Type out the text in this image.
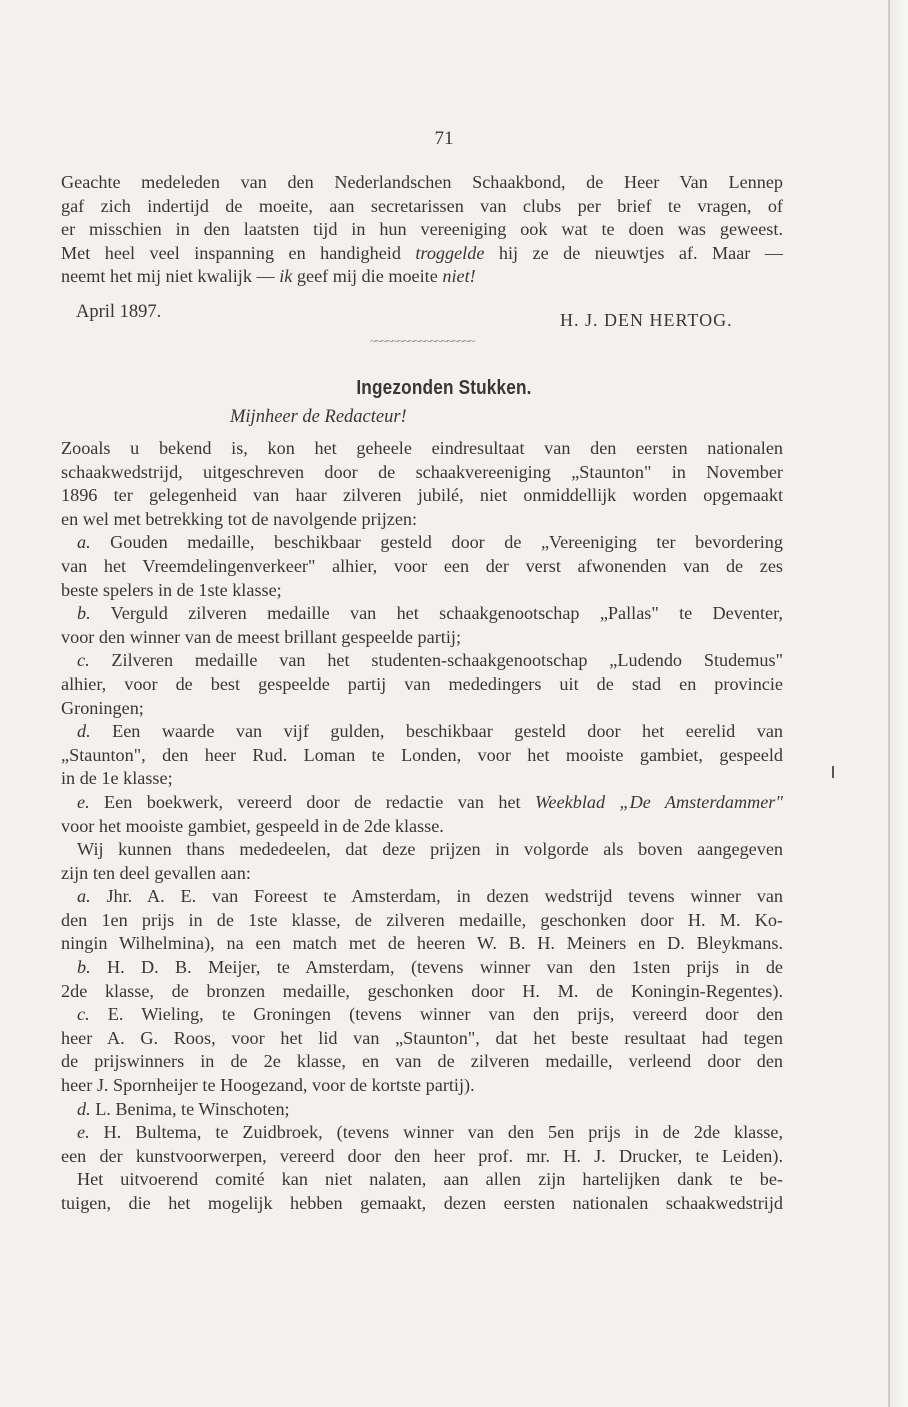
71
Geachte medeleden van den Nederlandschen Schaakbond, de Heer Van Lennep
gaf zich indertijd de moeite, aan secretarissen van clubs per brief te vragen, of
er misschien in den laatsten tijd in hun vereeniging ook wat te doen was geweest.
Met heel veel inspanning en handigheid troggelde hij ze de nieuwtjes af. Maar —
neemt het mij niet kwalijk — ik geef mij die moeite niet!
April 1897.	H. J. DEN HERTOG.
~~~~~~~~~~~~~~~~~~~
Ingezonden Stukken.
Mijnheer de Redacteur!
Zooals u bekend is, kon het geheele eindresultaat van den eersten nationalen
schaakwedstrijd, uitgeschreven door de schaakvereeniging „Staunton" in November
1896 ter gelegenheid van haar zilveren jubilé, niet onmiddellijk worden opgemaakt
en wel met betrekking tot de navolgende prijzen:
a. Gouden medaille, beschikbaar gesteld door de „Vereeniging ter bevordering
van het Vreemdelingenverkeer" alhier, voor een der verst afwonenden van de zes
beste spelers in de 1ste klasse;
b. Verguld zilveren medaille van het schaakgenootschap „Pallas" te Deventer,
voor den winner van de meest brillant gespeelde partij;
c. Zilveren medaille van het studenten-schaakgenootschap „Ludendo Studemus"
alhier, voor de best gespeelde partij van mededingers uit de stad en provincie
Groningen;
d. Een waarde van vijf gulden, beschikbaar gesteld door het eerelid van
„Staunton", den heer Rud. Loman te Londen, voor het mooiste gambiet, gespeeld
in de 1e klasse;
e. Een boekwerk, vereerd door de redactie van het Weekblad „De Amsterdammer"
voor het mooiste gambiet, gespeeld in de 2de klasse.
Wij kunnen thans mededeelen, dat deze prijzen in volgorde als boven aangegeven
zijn ten deel gevallen aan:
a. Jhr. A. E. van Foreest te Amsterdam, in dezen wedstrijd tevens winner van
den 1en prijs in de 1ste klasse, de zilveren medaille, geschonken door H. M. Ko-
ningin Wilhelmina), na een match met de heeren W. B. H. Meiners en D. Bleykmans.
b. H. D. B. Meijer, te Amsterdam, (tevens winner van den 1sten prijs in de
2de klasse, de bronzen medaille, geschonken door H. M. de Koningin-Regentes).
c. E. Wieling, te Groningen (tevens winner van den prijs, vereerd door den
heer A. G. Roos, voor het lid van „Staunton", dat het beste resultaat had tegen
de prijswinners in de 2e klasse, en van de zilveren medaille, verleend door den
heer J. Spornheijer te Hoogezand, voor de kortste partij).
d. L. Benima, te Winschoten;
e. H. Bultema, te Zuidbroek, (tevens winner van den 5en prijs in de 2de klasse,
een der kunstvoorwerpen, vereerd door den heer prof. mr. H. J. Drucker, te Leiden).
Het uitvoerend comité kan niet nalaten, aan allen zijn hartelijken dank te be-
tuigen, die het mogelijk hebben gemaakt, dezen eersten nationalen schaakwedstrijd
